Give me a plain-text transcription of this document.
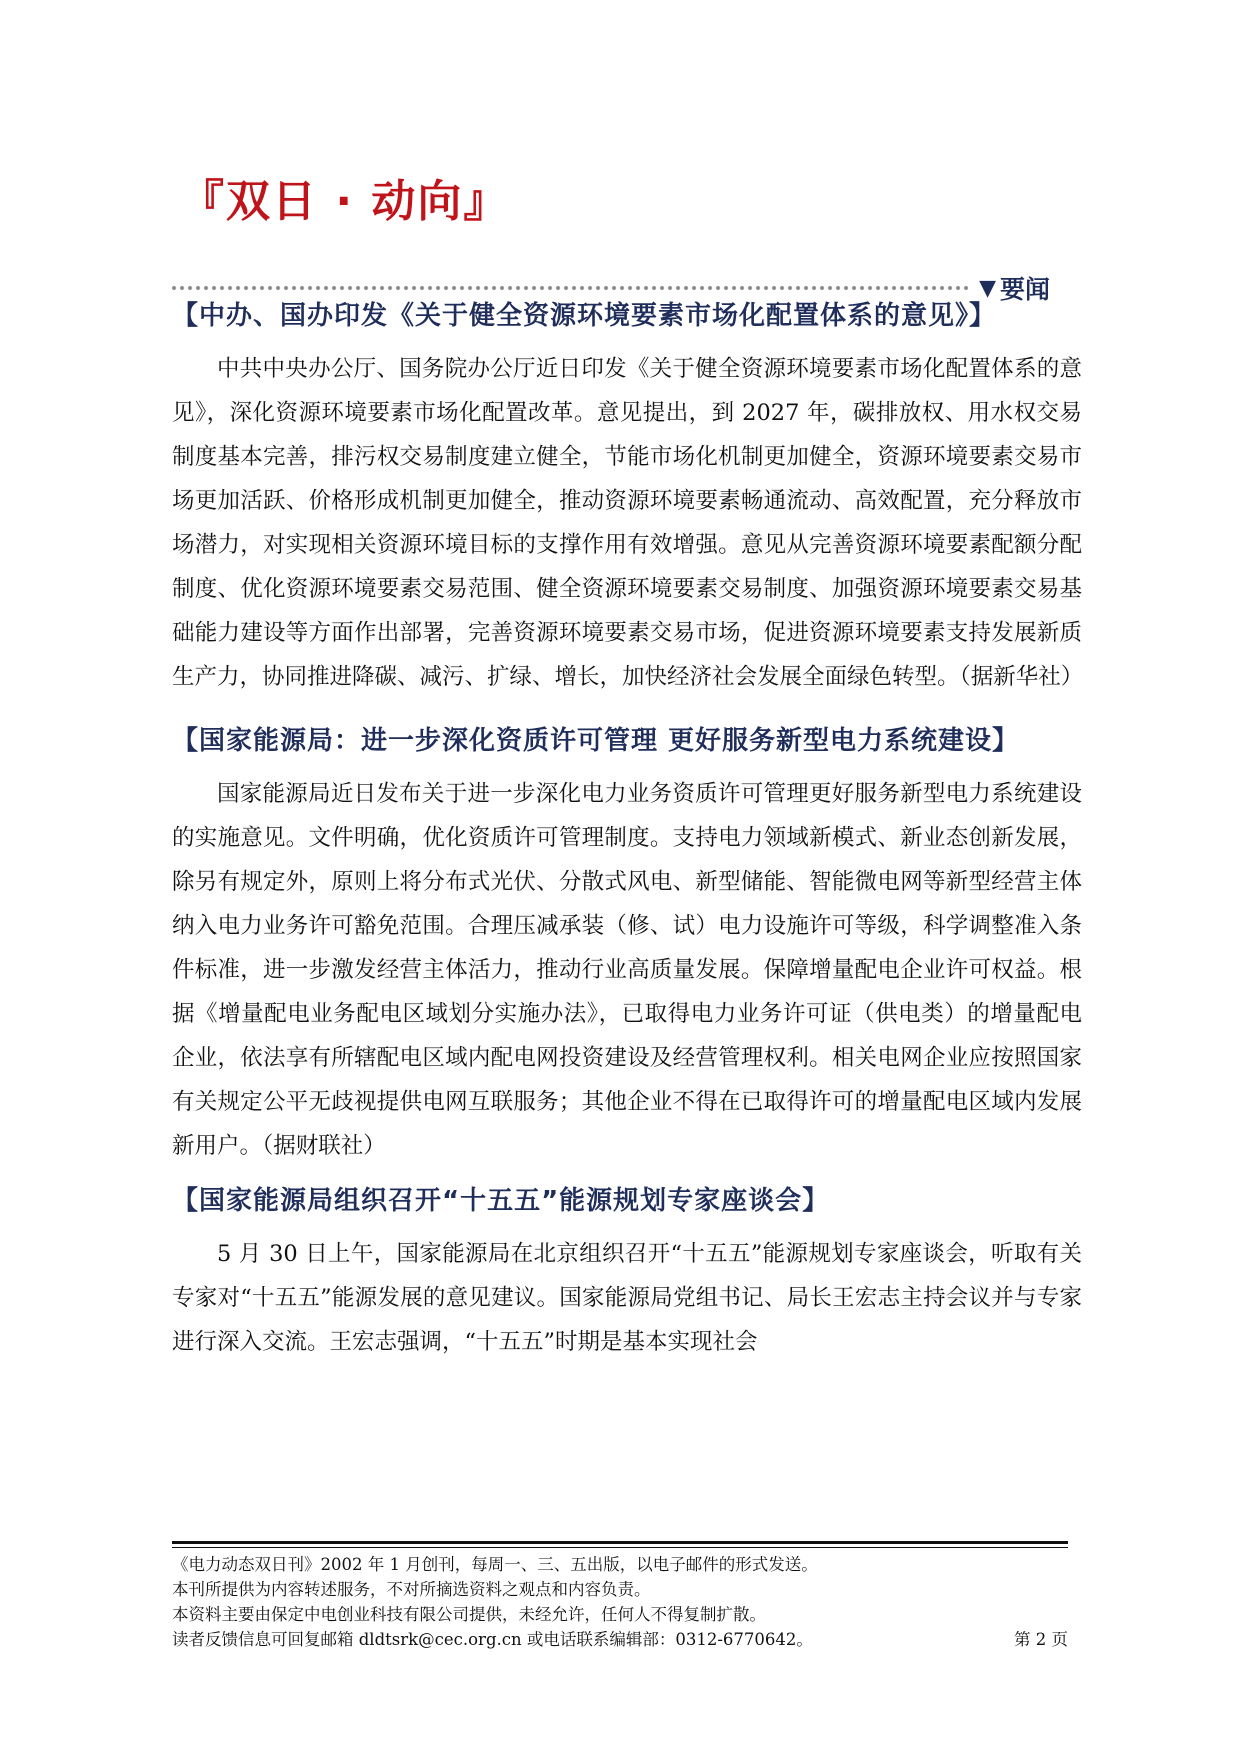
『双日 · 动向』
▼ 要闻
【中办、国办印发《关于健全资源环境要素市场化配置体系的意见》】

中共中央办公厅、国务院办公厅近日印发《关于健全资源环境要素市场化配置体系的意见》，深化资源环境要素市场化配置改革。意见提出，到 2027 年，碳排放权、用水权交易制度基本完善，排污权交易制度建立健全，节能市场化机制更加健全，资源环境要素交易市场更加活跃、价格形成机制更加健全，推动资源环境要素畅通流动、高效配置，充分释放市场潜力，对实现相关资源环境目标的支撑作用有效增强。意见从完善资源环境要素配额分配制度、优化资源环境要素交易范围、健全资源环境要素交易制度、加强资源环境要素交易基础能力建设等方面作出部署，完善资源环境要素交易市场，促进资源环境要素支持发展新质生产力，协同推进降碳、减污、扩绿、增长，加快经济社会发展全面绿色转型。（据新华社）

【国家能源局：进一步深化资质许可管理 更好服务新型电力系统建设】

国家能源局近日发布关于进一步深化电力业务资质许可管理更好服务新型电力系统建设的实施意见。文件明确，优化资质许可管理制度。支持电力领域新模式、新业态创新发展，除另有规定外，原则上将分布式光伏、分散式风电、新型储能、智能微电网等新型经营主体纳入电力业务许可豁免范围。合理压减承装（修、试）电力设施许可等级，科学调整准入条件标准，进一步激发经营主体活力，推动行业高质量发展。保障增量配电企业许可权益。根据《增量配电业务配电区域划分实施办法》，已取得电力业务许可证（供电类）的增量配电企业，依法享有所辖配电区域内配电网投资建设及经营管理权利。相关电网企业应按照国家有关规定公平无歧视提供电网互联服务；其他企业不得在已取得许可的增量配电区域内发展新用户。（据财联社）

【国家能源局组织召开“十五五”能源规划专家座谈会】

5 月 30 日上午，国家能源局在北京组织召开“十五五”能源规划专家座谈会，听取有关专家对“十五五”能源发展的意见建议。国家能源局党组书记、局长王宏志主持会议并与专家进行深入交流。王宏志强调，“十五五”时期是基本实现社会

《电力动态双日刊》2002 年 1 月创刊，每周一、三、五出版，以电子邮件的形式发送。

本刊所提供为内容转述服务，不对所摘选资料之观点和内容负责。

本资料主要由保定中电创业科技有限公司提供，未经允许，任何人不得复制扩散。

读者反馈信息可回复邮箱 dldtsrk@cec.org.cn 或电话联系编辑部：0312-6770642。	第 2 页
